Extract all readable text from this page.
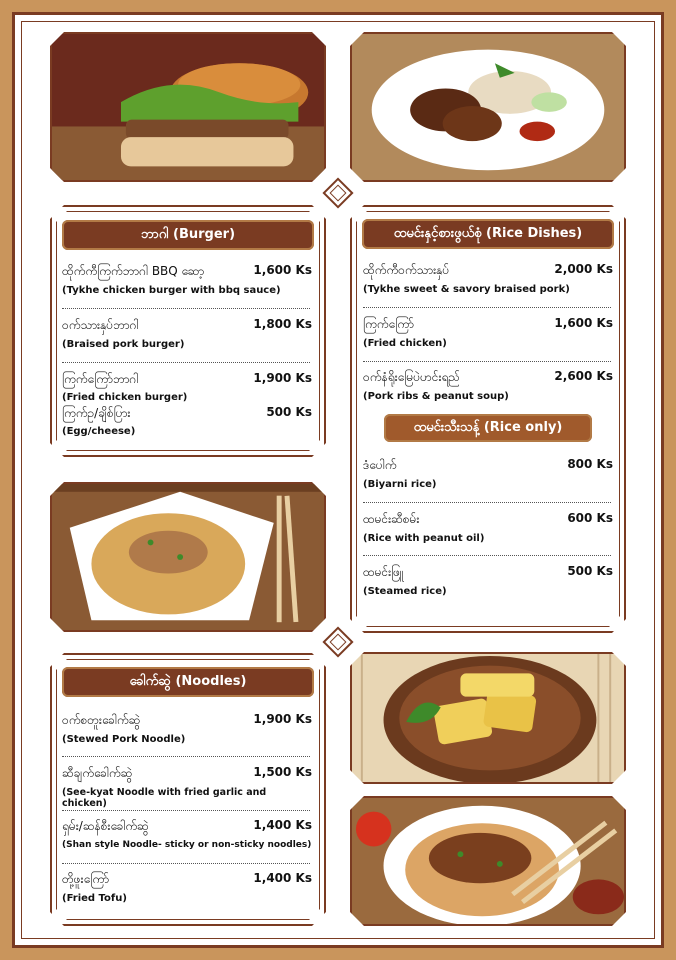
ဘာဂါ (Burger)
ထိုက်ကီကြက်ဘာဂါ BBQ ဆော့
(Tykhe chicken burger with bbq sauce)
1,600 Ks
ဝက်သားနှပ်ဘာဂါ
(Braised pork burger)
1,800 Ks
ကြက်ကြော်ဘာဂါ
(Fried chicken burger)
1,900 Ks
ကြက်ဥ/ချိစ်ပြား
(Egg/cheese)
500 Ks
ထမင်းနှင့်စားဖွယ်စုံ (Rice Dishes)
ထိုက်ကီဝက်သားနှပ်
(Tykhe sweet & savory braised pork)
2,000 Ks
ကြက်ကြော်
(Fried chicken)
1,600 Ks
ဝက်နံရိုးမြေပဲဟင်းရည်
(Pork ribs & peanut soup)
2,600 Ks
ထမင်းသီးသန့် (Rice only)
ဒံပေါက်
(Biyarni rice)
800 Ks
ထမင်းဆီစမ်း
(Rice with peanut oil)
600 Ks
ထမင်းဖြူ
(Steamed rice)
500 Ks
ခေါက်ဆွဲ (Noodles)
ဝက်စတူးခေါက်ဆွဲ
(Stewed Pork Noodle)
1,900 Ks
ဆီချက်ခေါက်ဆွဲ
(See-kyat Noodle with fried garlic and chicken)
1,500 Ks
ရှမ်း/ဆန်စီးခေါက်ဆွဲ
(Shan style Noodle- sticky or non-sticky noodles)
1,400 Ks
တို့ဖူးကြော်
(Fried Tofu)
1,400 Ks
